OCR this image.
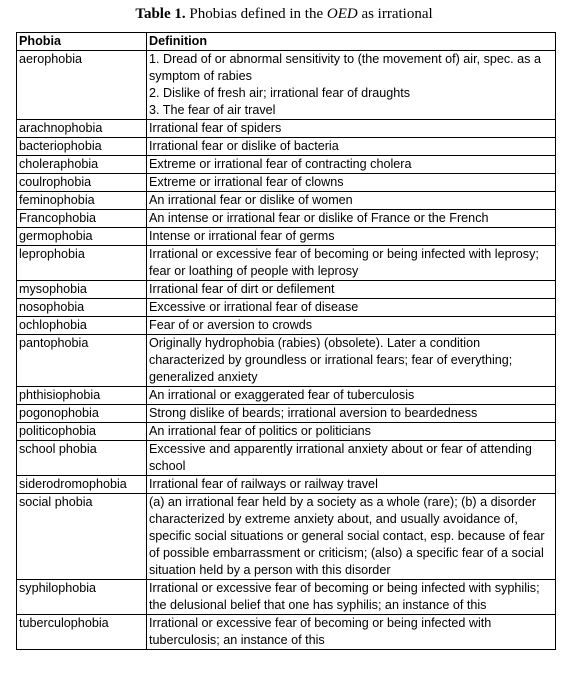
Table 1. Phobias defined in the OED as irrational
Phobia	Definition
aerophobia	1. Dread of or abnormal sensitivity to (the movement of) air, spec. as a symptom of rabies
2. Dislike of fresh air; irrational fear of draughts
3. The fear of air travel

arachnophobia	Irrational fear of spiders

bacteriophobia	Irrational fear or dislike of bacteria

choleraphobia	Extreme or irrational fear of contracting cholera

coulrophobia	Extreme or irrational fear of clowns

feminophobia	An irrational fear or dislike of women

Francophobia	An intense or irrational fear or dislike of France or the French

germophobia	Intense or irrational fear of germs

leprophobia	Irrational or excessive fear of becoming or being infected with leprosy; fear or loathing of people with leprosy

mysophobia	Irrational fear of dirt or defilement

nosophobia	Excessive or irrational fear of disease

ochlophobia	Fear of or aversion to crowds

pantophobia	Originally hydrophobia (rabies) (obsolete). Later a condition characterized by groundless or irrational fears; fear of everything; generalized anxiety

phthisiophobia	An irrational or exaggerated fear of tuberculosis

pogonophobia	Strong dislike of beards; irrational aversion to beardedness

politicophobia	An irrational fear of politics or politicians

school phobia	Excessive and apparently irrational anxiety about or fear of attending school

siderodromophobia	Irrational fear of railways or railway travel

social phobia	(a) an irrational fear held by a society as a whole (rare); (b) a disorder characterized by extreme anxiety about, and usually avoidance of, specific social situations or general social contact, esp. because of fear of possible embarrassment or criticism; (also) a specific fear of a social situation held by a person with this disorder

syphilophobia	Irrational or excessive fear of becoming or being infected with syphilis; the delusional belief that one has syphilis; an instance of this

tuberculophobia	Irrational or excessive fear of becoming or being infected with tuberculosis; an instance of this
